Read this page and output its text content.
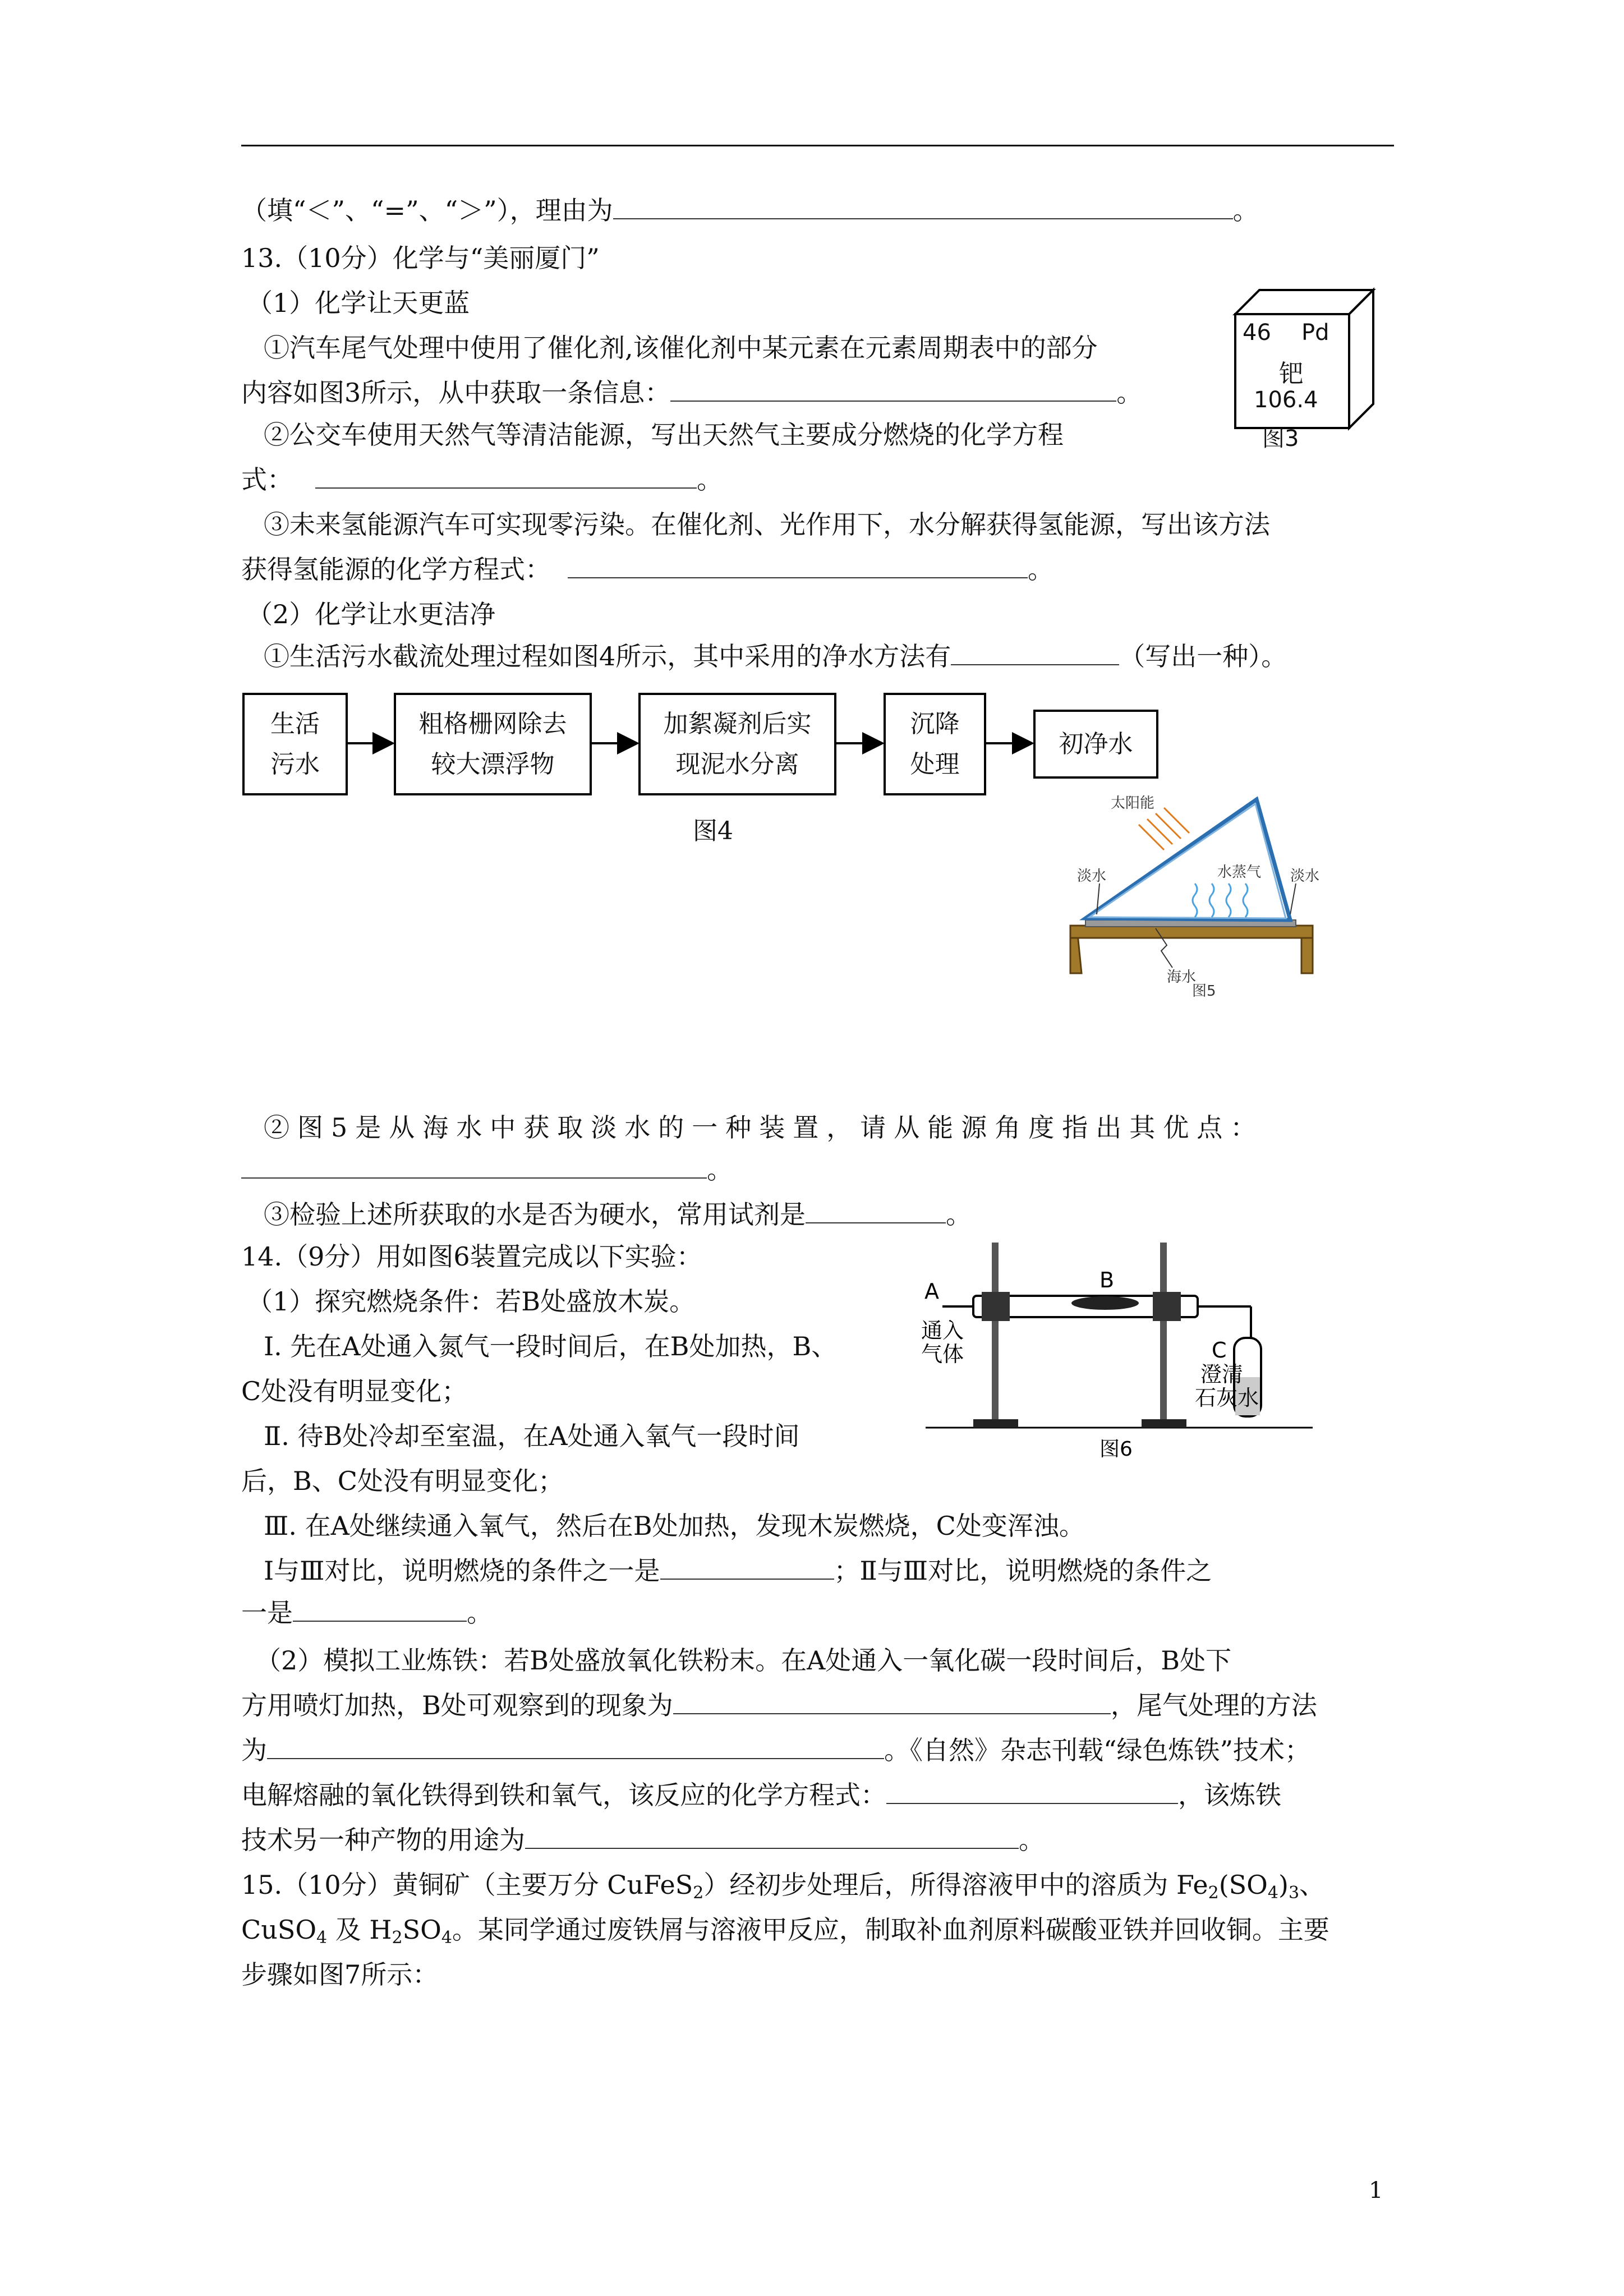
（填“＜”、“=”、“＞”），理由为	。
13.（10分）化学与“美丽厦门”
（1）化学让天更蓝
①汽车尾气处理中使用了催化剂,该催化剂中某元素在元素周期表中的部分
内容如图3所示，从中获取一条信息：	。
②公交车使用天然气等清洁能源，写出天然气主要成分燃烧的化学方程
式：	。
③未来氢能源汽车可实现零污染。在催化剂、光作用下，水分解获得氢能源，写出该方法
获得氢能源的化学方程式：	。
（2）化学让水更洁净
①生活污水截流处理过程如图4所示，其中采用的净水方法有	（写出一种）。
46 Pd
钯
106.4
图3
生活
污水
粗格栅网除去
较大漂浮物
加絮凝剂后实
现泥水分离
沉降
处理
初净水
图4
太阳能
淡水	水蒸气 淡水
海水
图5
②图5是从海水中获取淡水的一种装置，请从能源角度指出其优点：
。
③检验上述所获取的水是否为硬水，常用试剂是	。
14.（9分）用如图6装置完成以下实验：
（1）探究燃烧条件：若B处盛放木炭。
Ⅰ. 先在A处通入氮气一段时间后，在B处加热，B、
C处没有明显变化；
Ⅱ. 待B处冷却至室温，在A处通入氧气一段时间
后，B、C处没有明显变化；
Ⅲ. 在A处继续通入氧气，然后在B处加热，发现木炭燃烧，C处变浑浊。
Ⅰ与Ⅲ对比，说明燃烧的条件之一是	；Ⅱ与Ⅲ对比，说明燃烧的条件之
一是	。
（2）模拟工业炼铁：若B处盛放氧化铁粉末。在A处通入一氧化碳一段时间后，B处下
方用喷灯加热，B处可观察到的现象为	，尾气处理的方法
为	。《自然》杂志刊载“绿色炼铁”技术；
电解熔融的氧化铁得到铁和氧气，该反应的化学方程式：	，该炼铁
技术另一种产物的用途为	。
A	B
通入
气体	C
澄清
石灰水
图6
15.（10分）黄铜矿（主要万分 CuFeS$_2$）经初步处理后，所得溶液甲中的溶质为 $Fe_2(SO_4)_3$、
CuSO$_4$ 及 $H_2SO_4$。某同学通过废铁屑与溶液甲反应，制取补血剂原料碳酸亚铁并回收铜。主要
步骤如图7所示：
1
